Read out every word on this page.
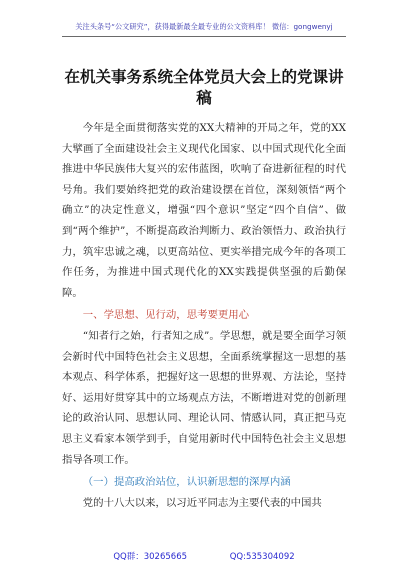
关注头条号“公文研究”，获得最新最全最专业的公文资料库！ 微信：gongwenyj
在机关事务系统全体党员大会上的党课讲稿

今年是全面贯彻落实党的XX大精神的开局之年，党的XX大擘画了全面建设社会主义现代化国家、以中国式现代化全面推进中华民族伟大复兴的宏伟蓝图，吹响了奋进新征程的时代号角。我们要始终把党的政治建设摆在首位，深刻领悟“两个确立”的决定性意义，增强“四个意识”坚定“四个自信”、做到“两个维护”，不断提高政治判断力、政治领悟力、政治执行力，筑牢忠诚之魂，以更高站位、更实举措完成今年的各项工作任务，为推进中国式现代化的XX实践提供坚强的后勤保障。

一、学思想、见行动，思考要更用心

“知者行之始，行者知之成”。学思想，就是要全面学习领会新时代中国特色社会主义思想，全面系统掌握这一思想的基本观点、科学体系，把握好这一思想的世界观、方法论，坚持好、运用好贯穿其中的立场观点方法，不断增进对党的创新理论的政治认同、思想认同、理论认同、情感认同，真正把马克思主义看家本领学到手，自觉用新时代中国特色社会主义思想指导各项工作。

（一）提高政治站位，认识新思想的深厚内涵

党的十八大以来，以习近平同志为主要代表的中国共

QQ群：30265665	QQ:535304092
